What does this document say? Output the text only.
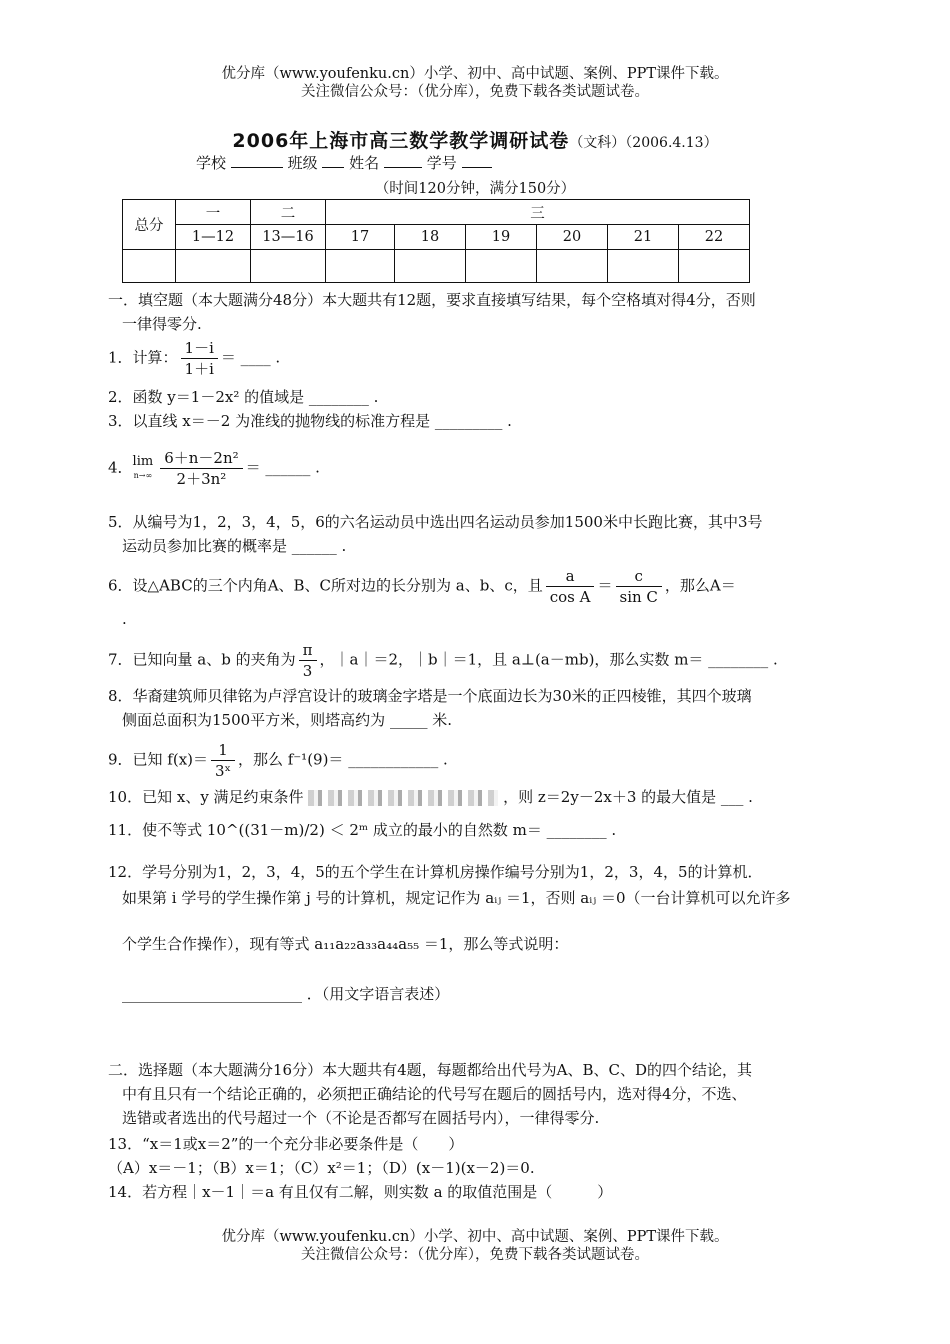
优分库（www.youfenku.cn）小学、初中、高中试题、案例、PPT课件下载。
关注微信公众号：（优分库），免费下载各类试题试卷。
2006年上海市高三数学教学调研试卷（文科）（2006.4.13）
学校	班级 姓名	学号
（时间120分钟，满分150分）
总分	一	二	三					
	1—12	13—16	17	18	19	20	21	22

一．填空题（本大题满分48分）本大题共有12题，要求直接填写结果，每个空格填对得4分，否则
一律得零分.
1．计算： $\frac{1-i}{1+i}$ ＝ ____ .
2．函数 y＝1－2x² 的值域是 ________ .
3．以直线 x＝－2 为准线的抛物线的标准方程是 _________ .
4．lim
$n\to\infty \frac{\text{6＋n－2n²}}{\text{2＋3n²}}$ ＝ ______ .
5．从编号为1，2，3，4，5，6的六名运动员中选出四名运动员参加1500米中长跑比赛，其中3号
运动员参加比赛的概率是 ______ .
6．设△ABC的三个内角A、B、C所对边的长分别为 a、b、c，且 $\frac{a}{\text{cos A}} = \frac{c}{\text{sin C}}$ ，那么A＝
.
7．已知向量 a、b 的夹角为 $\frac{\pi}{3}$ ，｜a｜＝2，｜b｜＝1，且 a⊥(a－mb)，那么实数 m＝ ________ .
8．华裔建筑师贝律铭为卢浮宫设计的玻璃金字塔是一个底面边长为30米的正四棱锥，其四个玻璃
侧面总面积为1500平方米，则塔高约为 _____ 米.
9．已知 $f(x)= \frac{1}{\text{3ˣ}}$ ，那么 f⁻¹(9)＝ ____________ .
10．已知 x、y 满足约束条件	，则 z＝2y－2x＋3 的最大值是 ___ .
11．使不等式 10^((31－m)/2) ＜ 2ᵐ 成立的最小的自然数 m＝ ________ .
12．学号分别为1，2，3，4，5的五个学生在计算机房操作编号分别为1，2，3，4，5的计算机．
如果第 i 学号的学生操作第 j 号的计算机，规定记作为 aᵢⱼ ＝1，否则 aᵢⱼ ＝0（一台计算机可以允许多
个学生合作操作），现有等式 a₁₁a₂₂a₃₃a₄₄a₅₅ ＝1，那么等式说明：
________________________ ．（用文字语言表述）
二．选择题（本大题满分16分）本大题共有4题，每题都给出代号为A、B、C、D的四个结论，其
中有且只有一个结论正确的，必须把正确结论的代号写在题后的圆括号内，选对得4分，不选、
选错或者选出的代号超过一个（不论是否都写在圆括号内），一律得零分.
13．“x＝1或x＝2”的一个充分非必要条件是（　　）
（A）x＝－1；（B）x＝1；（C）x²＝1；（D）(x－1)(x－2)＝0.
14．若方程｜x－1｜＝a 有且仅有二解，则实数 a 的取值范围是（　　　）
优分库（www.youfenku.cn）小学、初中、高中试题、案例、PPT课件下载。
关注微信公众号：（优分库），免费下载各类试题试卷。
